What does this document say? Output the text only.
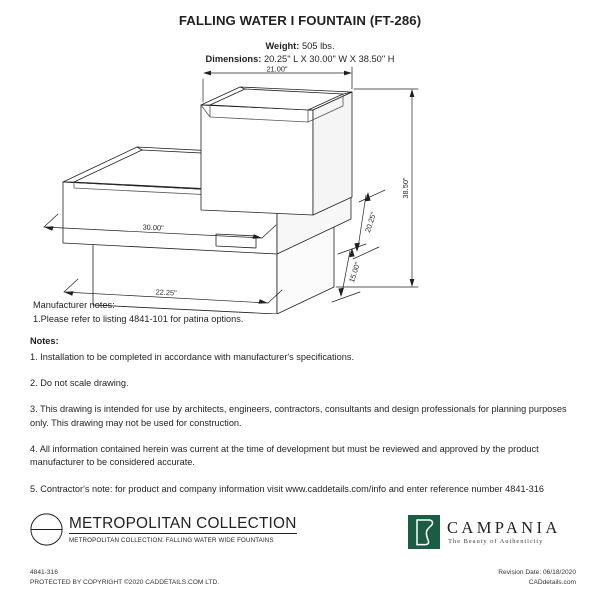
FALLING WATER I FOUNTAIN (FT-286)
Weight: 505 lbs.
Dimensions: 20.25" L X 30.00" W X 38.50" H
21.00"
38.50"
30.00"	20.25"
15.00"
22.25"
Manufacturer notes:
1.Please refer to listing 4841-101 for patina options.
Notes:

1. Installation to be completed in accordance with manufacturer's specifications.

2. Do not scale drawing.

3. This drawing is intended for use by architects, engineers, contractors, consultants and design professionals for planning purposes only. This drawing may not be used for construction.

4. All information contained herein was current at the time of development but must be reviewed and approved by the product manufacturer to be considered accurate.

5. Contractor's note: for product and company information visit www.caddetails.com/info and enter reference number 4841-316

METROPOLITAN COLLECTION
METROPOLITAN COLLECTION: FALLING WATER WIDE FOUNTAINS
CAMPANIA
The Beauty of Authenticity
4841-316
PROTECTED BY COPYRIGHT ©2020 CADDETAILS.COM LTD.
Revision Date: 06/18/2020
CADdetails.com
